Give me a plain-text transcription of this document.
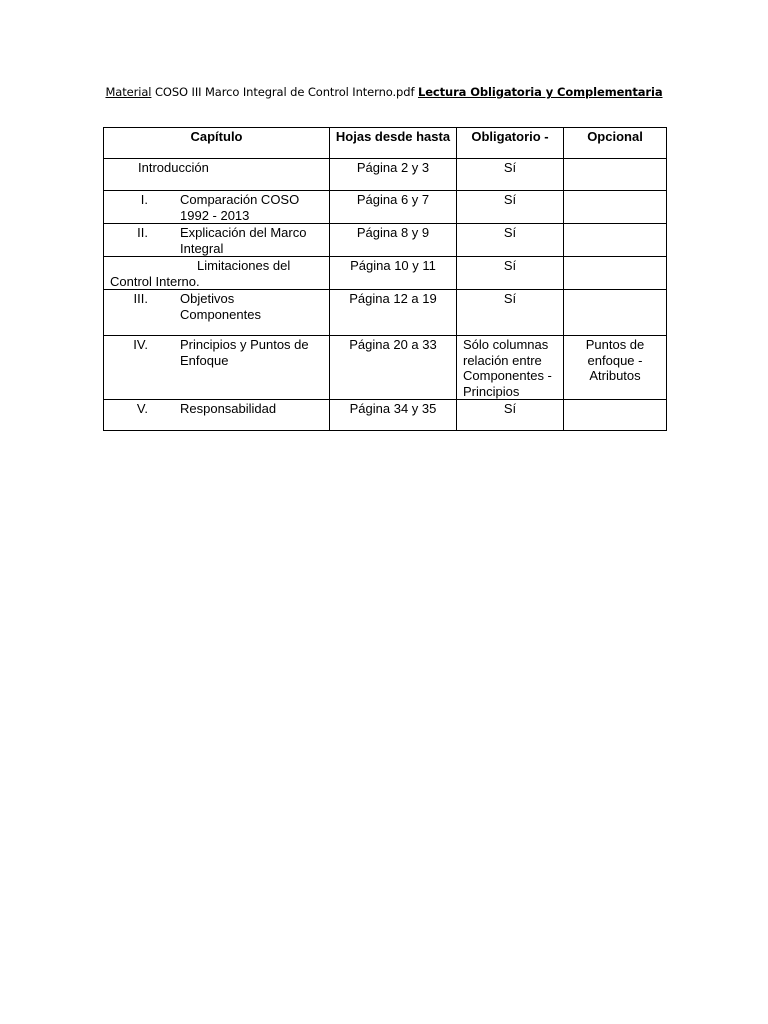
Material COSO III Marco Integral de Control Interno.pdf Lectura Obligatoria y Complementaria
Capítulo	Hojas desde hasta	Obligatorio -	Opcional

Introducción	Página 2 y 3	Sí	

I. Comparación COSO 1992 - 2013	Página 6 y 7	Sí	

II. Explicación del Marco Integral	Página 8 y 9	Sí	

Limitaciones del Control Interno.	Página 10 y 11	Sí	

III. Objetivos Componentes	Página 12 a 19	Sí	

IV. Principios y Puntos de Enfoque	Página 20 a 33	Sólo columnas relación entre Componentes - Principios	Puntos de enfoque - Atributos

V. Responsabilidad	Página 34 y 35	Sí	
